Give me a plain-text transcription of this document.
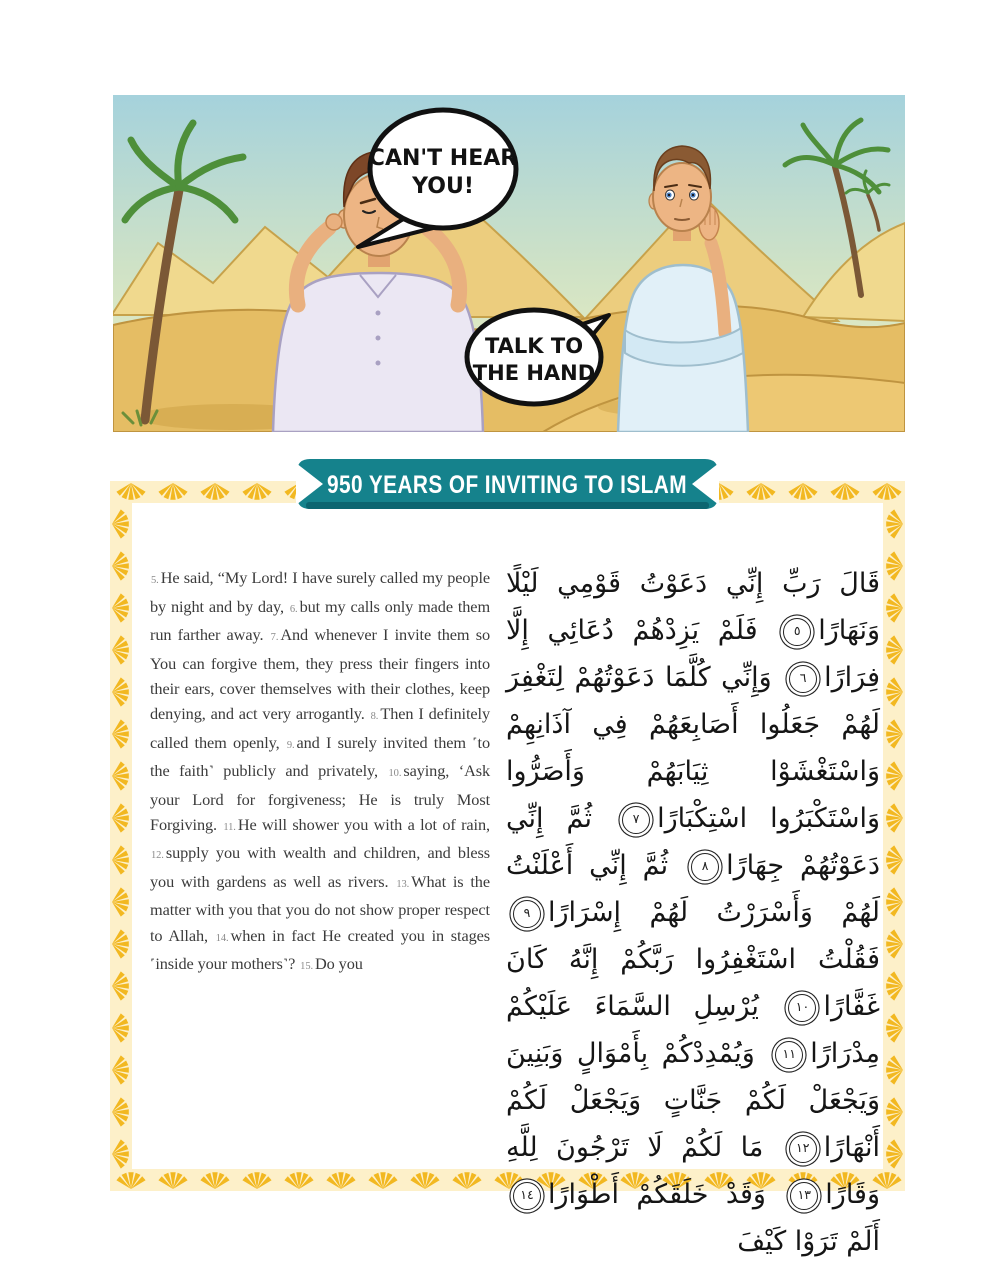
CAN'T HEAR
YOU!
TALK TO
THE HAND
950 YEARS OF INVITING TO ISLAM

5. He said, “My Lord! I have surely called my people by night and by day, 6. but my calls only made them run farther away. 7. And whenever I invite them so You can forgive them, they press their fingers into their ears, cover themselves with their clothes, keep denying, and act very arrogantly. 8. Then I definitely called them openly, 9. and I surely invited them ˹to the faith˺ publicly and privately, 10. saying, ‘Ask your Lord for forgiveness; He is truly Most Forgiving. 11. He will shower you with a lot of rain, 12. supply you with wealth and children, and bless you with gardens as well as rivers. 13. What is the matter with you that you do not show proper respect to Allah, 14. when in fact He created you in stages ˹inside your mothers˺? 15. Do you

قَالَ رَبِّ إِنِّي دَعَوْتُ قَوْمِي لَيْلًا وَنَهَارًا٥ فَلَمْ يَزِدْهُمْ دُعَائِي إِلَّا فِرَارًا٦ وَإِنِّي كُلَّمَا دَعَوْتُهُمْ لِتَغْفِرَ لَهُمْ جَعَلُوا أَصَابِعَهُمْ فِي آذَانِهِمْ وَاسْتَغْشَوْا ثِيَابَهُمْ وَأَصَرُّوا وَاسْتَكْبَرُوا اسْتِكْبَارًا٧ ثُمَّ إِنِّي دَعَوْتُهُمْ جِهَارًا٨ ثُمَّ إِنِّي أَعْلَنْتُ لَهُمْ وَأَسْرَرْتُ لَهُمْ إِسْرَارًا٩ فَقُلْتُ اسْتَغْفِرُوا رَبَّكُمْ إِنَّهُ كَانَ غَفَّارًا١٠ يُرْسِلِ السَّمَاءَ عَلَيْكُمْ مِدْرَارًا١١ وَيُمْدِدْكُمْ بِأَمْوَالٍ وَبَنِينَ وَيَجْعَلْ لَكُمْ جَنَّاتٍ وَيَجْعَلْ لَكُمْ أَنْهَارًا١٢ مَا لَكُمْ لَا تَرْجُونَ لِلَّهِ وَقَارًا١٣ وَقَدْ خَلَقَكُمْ أَطْوَارًا١٤ أَلَمْ تَرَوْا كَيْفَ
